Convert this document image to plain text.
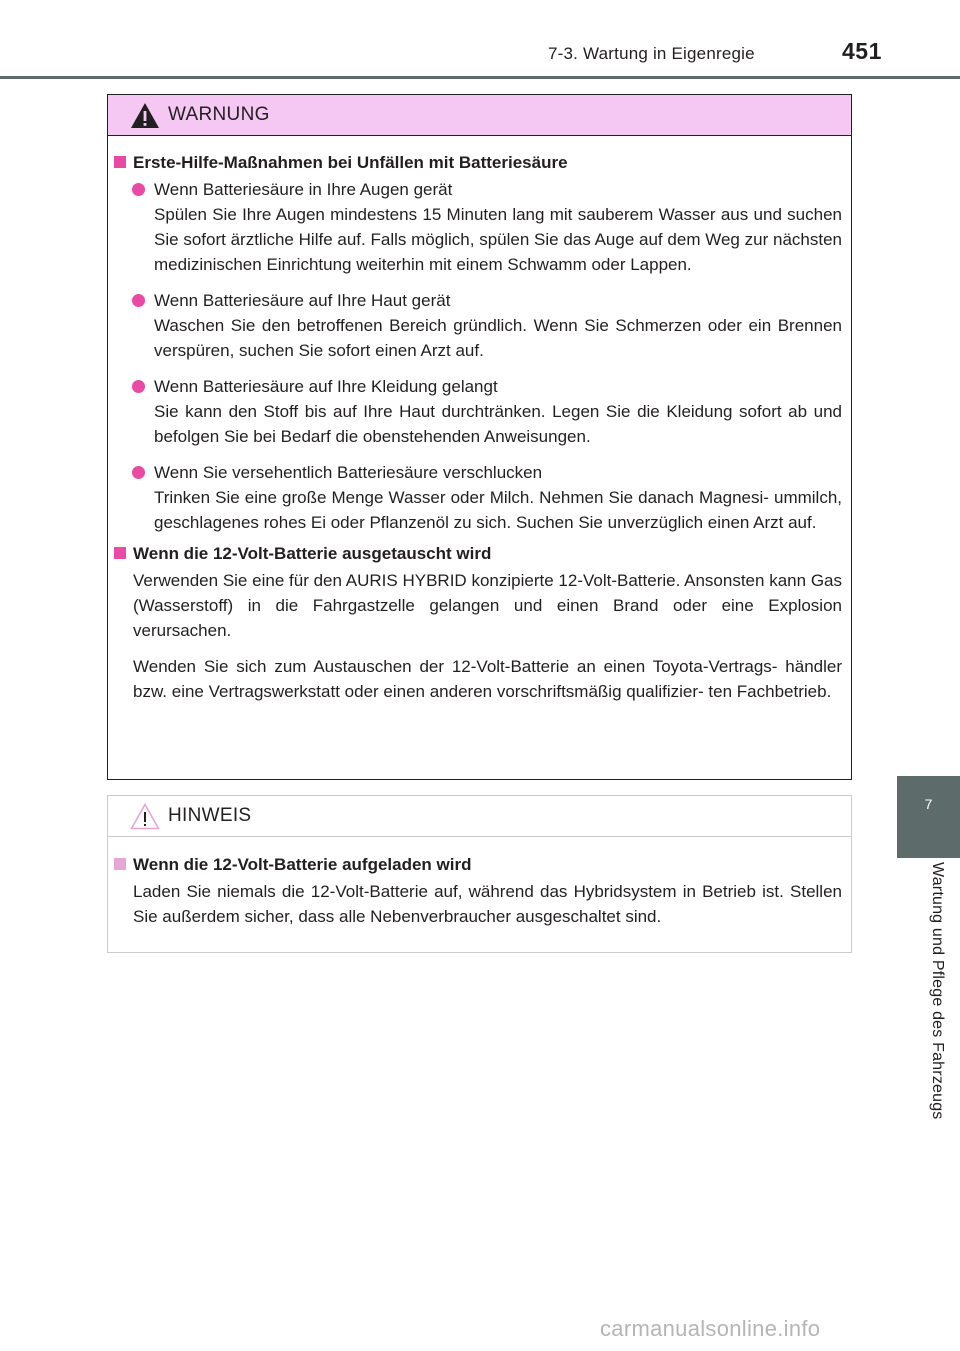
7-3. Wartung in Eigenregie	451
7
Wartung und Pflege des Fahrzeugs
WARNUNG
Erste-Hilfe-Maßnahmen bei Unfällen mit Batteriesäure
Wenn Batteriesäure in Ihre Augen gerät
Spülen Sie Ihre Augen mindestens 15 Minuten lang mit sauberem Wasser aus und suchen Sie sofort ärztliche Hilfe auf. Falls möglich, spülen Sie das Auge auf dem Weg zur nächsten medizinischen Einrichtung weiterhin mit einem Schwamm oder Lappen.
Wenn Batteriesäure auf Ihre Haut gerät
Waschen Sie den betroffenen Bereich gründlich. Wenn Sie Schmerzen oder ein Brennen verspüren, suchen Sie sofort einen Arzt auf.
Wenn Batteriesäure auf Ihre Kleidung gelangt
Sie kann den Stoff bis auf Ihre Haut durchtränken. Legen Sie die Kleidung sofort ab und befolgen Sie bei Bedarf die obenstehenden Anweisungen.
Wenn Sie versehentlich Batteriesäure verschlucken
Trinken Sie eine große Menge Wasser oder Milch. Nehmen Sie danach Magnesi- ummilch, geschlagenes rohes Ei oder Pflanzenöl zu sich. Suchen Sie unverzüglich einen Arzt auf.
Wenn die 12-Volt-Batterie ausgetauscht wird
Verwenden Sie eine für den AURIS HYBRID konzipierte 12-Volt-Batterie. Ansonsten kann Gas (Wasserstoff) in die Fahrgastzelle gelangen und einen Brand oder eine Explosion verursachen.
Wenden Sie sich zum Austauschen der 12-Volt-Batterie an einen Toyota-Vertrags- händler bzw. eine Vertragswerkstatt oder einen anderen vorschriftsmäßig qualifizier- ten Fachbetrieb.
HINWEIS
Wenn die 12-Volt-Batterie aufgeladen wird
Laden Sie niemals die 12-Volt-Batterie auf, während das Hybridsystem in Betrieb ist. Stellen Sie außerdem sicher, dass alle Nebenverbraucher ausgeschaltet sind.
carmanualsonline.info
